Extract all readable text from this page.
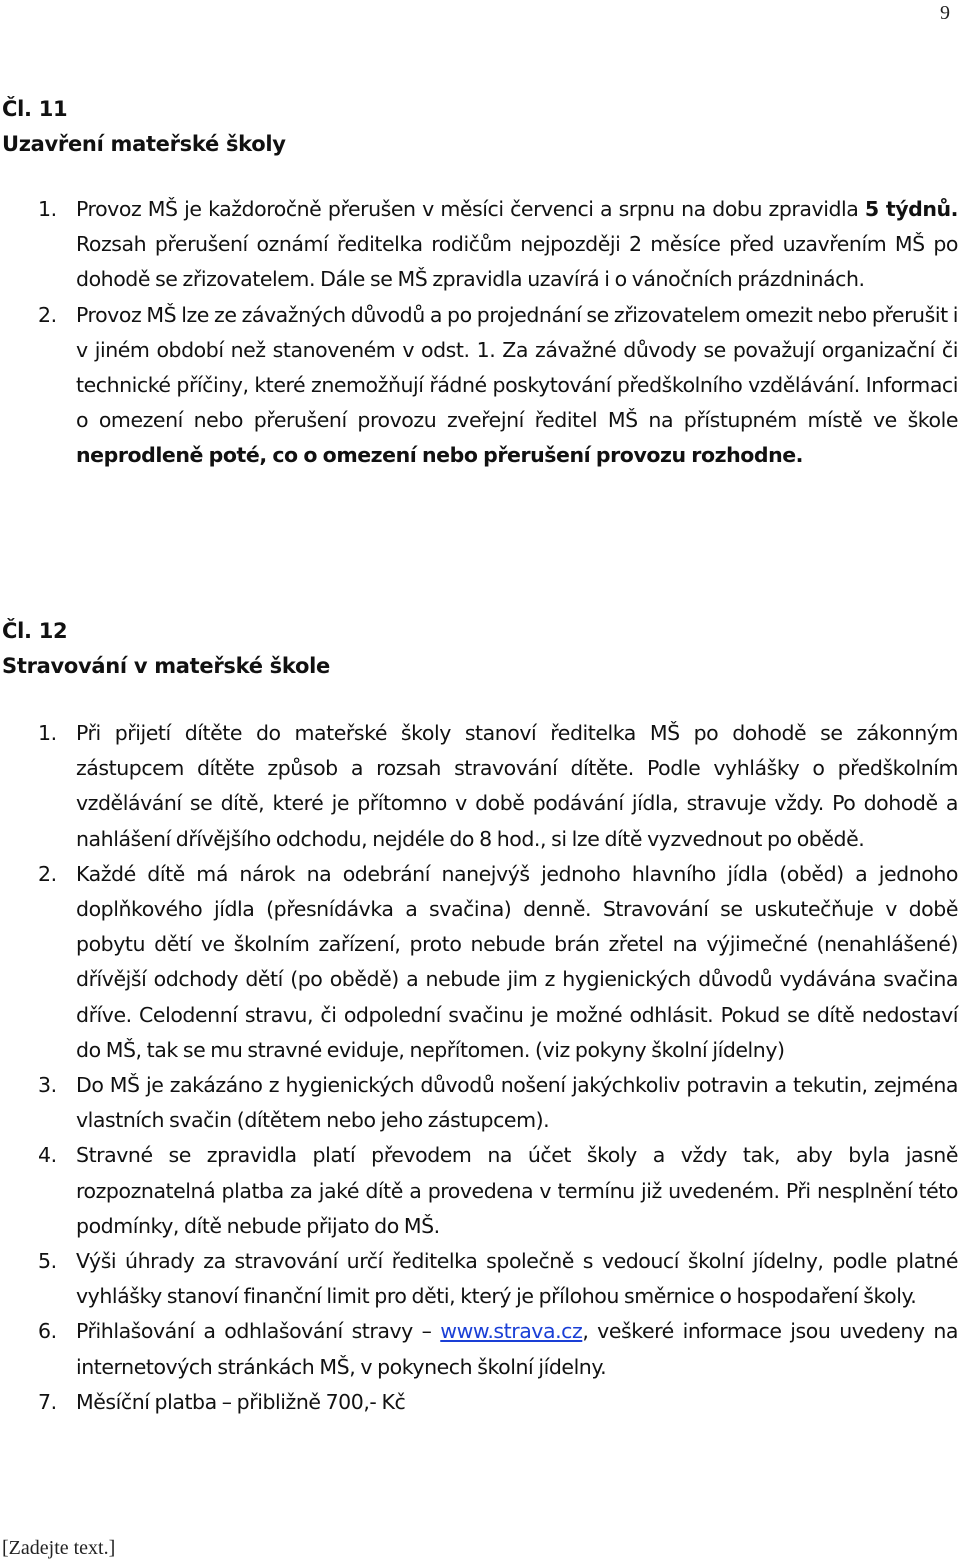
9

Čl. 11

Uzavření mateřské školy

1. Provoz MŠ je každoročně přerušen v měsíci červenci a srpnu na dobu zpravidla 5 týdnů. Rozsah přerušení oznámí ředitelka rodičům nejpozději 2 měsíce před uzavřením MŠ po dohodě se zřizovatelem. Dále se MŠ zpravidla uzavírá i o vánočních prázdninách.
2. Provoz MŠ lze ze závažných důvodů a po projednání se zřizovatelem omezit nebo přerušit i v jiném období než stanoveném v odst. 1. Za závažné důvody se považují organizační či technické příčiny, které znemožňují řádné poskytování předškolního vzdělávání. Informaci o omezení nebo přerušení provozu zveřejní ředitel MŠ na přístupném místě ve škole neprodleně poté, co o omezení nebo přerušení provozu rozhodne.

Čl. 12

Stravování v mateřské škole

1. Při přijetí dítěte do mateřské školy stanoví ředitelka MŠ po dohodě se zákonným zástupcem dítěte způsob a rozsah stravování dítěte. Podle vyhlášky o předškolním vzdělávání se dítě, které je přítomno v době podávání jídla, stravuje vždy. Po dohodě a nahlášení dřívějšího odchodu, nejdéle do 8 hod., si lze dítě vyzvednout po obědě.
2. Každé dítě má nárok na odebrání nanejvýš jednoho hlavního jídla (oběd) a jednoho doplňkového jídla (přesnídávka a svačina) denně. Stravování se uskutečňuje v době pobytu dětí ve školním zařízení, proto nebude brán zřetel na výjimečné (nenahlášené) dřívější odchody dětí (po obědě) a nebude jim z hygienických důvodů vydávána svačina dříve. Celodenní stravu, či odpolední svačinu je možné odhlásit. Pokud se dítě nedostaví do MŠ, tak se mu stravné eviduje, nepřítomen. (viz pokyny školní jídelny)
3. Do MŠ je zakázáno z hygienických důvodů nošení jakýchkoliv potravin a tekutin, zejména vlastních svačin (dítětem nebo jeho zástupcem).
4. Stravné se zpravidla platí převodem na účet školy a vždy tak, aby byla jasně rozpoznatelná platba za jaké dítě a provedena v termínu již uvedeném. Při nesplnění této podmínky, dítě nebude přijato do MŠ.
5. Výši úhrady za stravování určí ředitelka společně s vedoucí školní jídelny, podle platné vyhlášky stanoví finanční limit pro děti, který je přílohou směrnice o hospodaření školy.
6. Přihlašování a odhlašování stravy – www.strava.cz, veškeré informace jsou uvedeny na internetových stránkách MŠ, v pokynech školní jídelny.
7. Měsíční platba – přibližně 700,- Kč
[Zadejte text.]
